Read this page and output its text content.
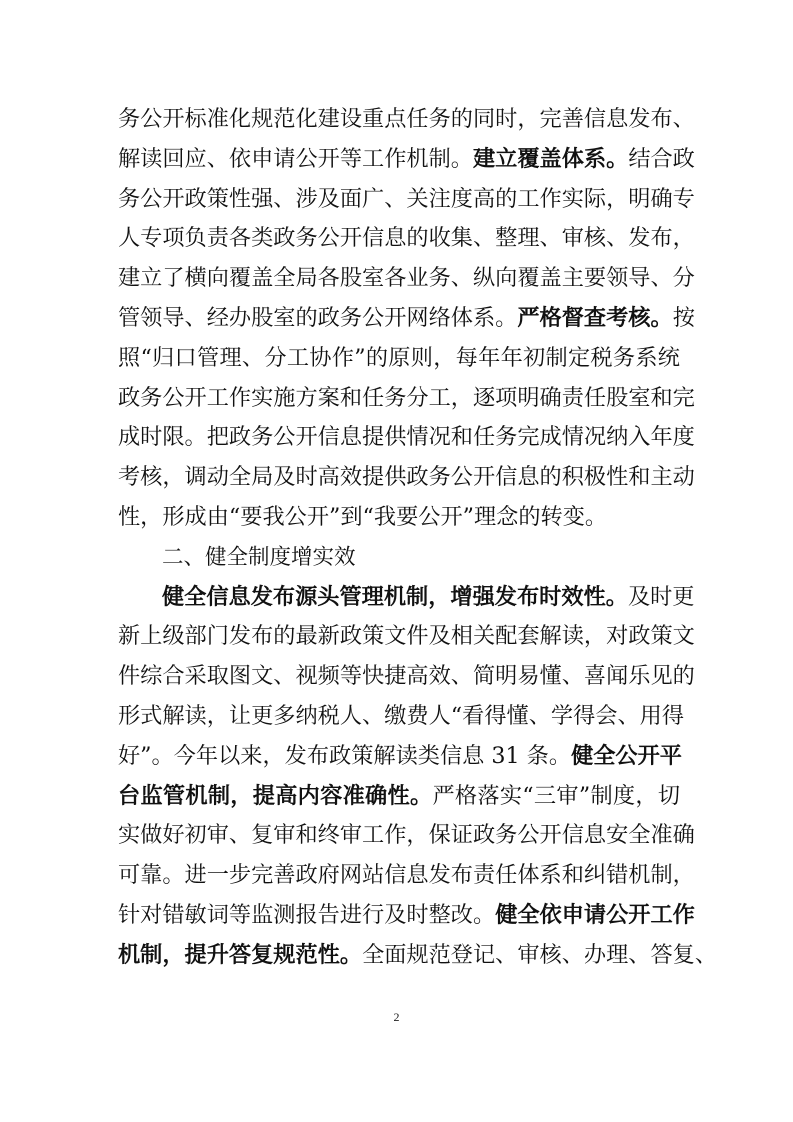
务公开标准化规范化建设重点任务的同时，完善信息发布、
解读回应、依申请公开等工作机制。建立覆盖体系。结合政
务公开政策性强、涉及面广、关注度高的工作实际，明确专
人专项负责各类政务公开信息的收集、整理、审核、发布，
建立了横向覆盖全局各股室各业务、纵向覆盖主要领导、分
管领导、经办股室的政务公开网络体系。严格督查考核。按
照“归口管理、分工协作”的原则，每年年初制定税务系统
政务公开工作实施方案和任务分工，逐项明确责任股室和完
成时限。把政务公开信息提供情况和任务完成情况纳入年度
考核，调动全局及时高效提供政务公开信息的积极性和主动
性，形成由“要我公开”到“我要公开”理念的转变。
二、健全制度增实效
健全信息发布源头管理机制，增强发布时效性。及时更
新上级部门发布的最新政策文件及相关配套解读，对政策文
件综合采取图文、视频等快捷高效、简明易懂、喜闻乐见的
形式解读，让更多纳税人、缴费人“看得懂、学得会、用得
好”。今年以来，发布政策解读类信息 31 条。健全公开平
台监管机制，提高内容准确性。严格落实“三审”制度，切
实做好初审、复审和终审工作，保证政务公开信息安全准确
可靠。进一步完善政府网站信息发布责任体系和纠错机制，
针对错敏词等监测报告进行及时整改。健全依申请公开工作
机制，提升答复规范性。全面规范登记、审核、办理、答复、
2
